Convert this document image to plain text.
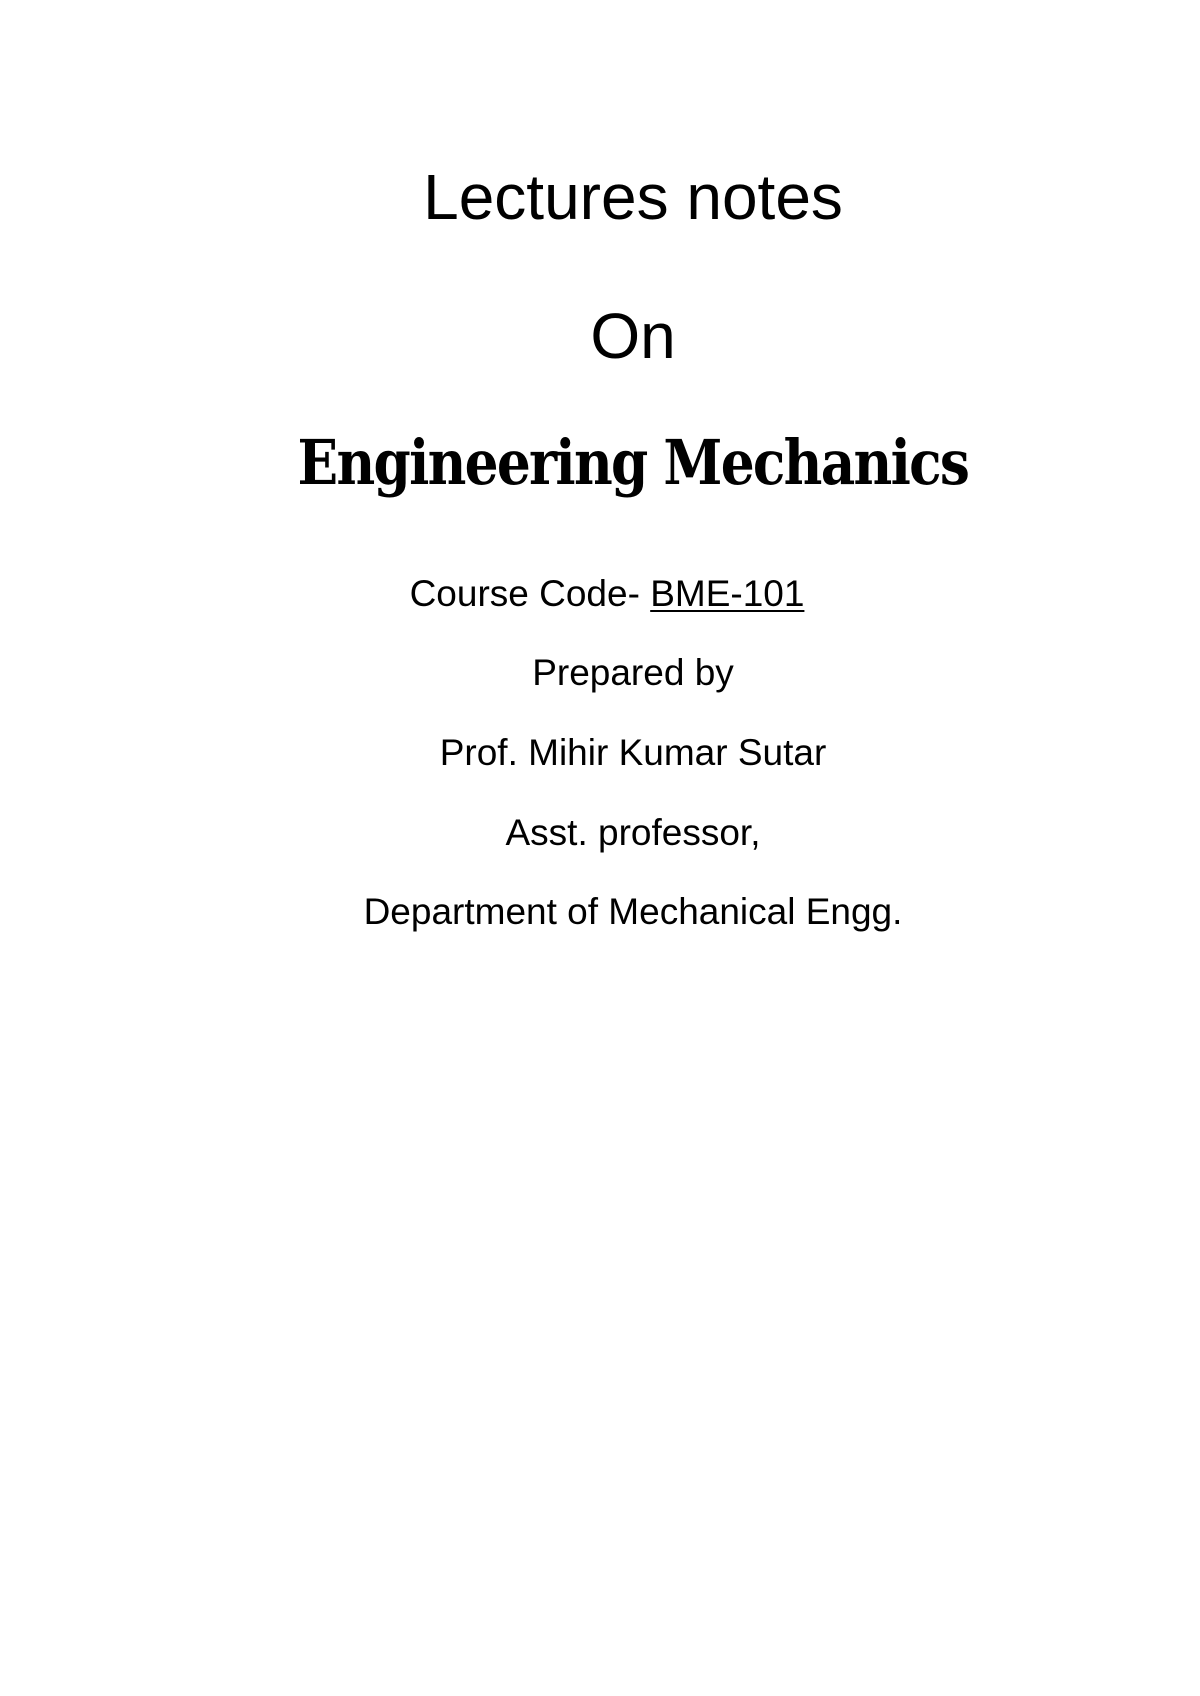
Lectures notes
On
Engineering Mechanics
Course Code- BME-101
Prepared by
Prof. Mihir Kumar Sutar
Asst. professor,
Department of Mechanical Engg.
